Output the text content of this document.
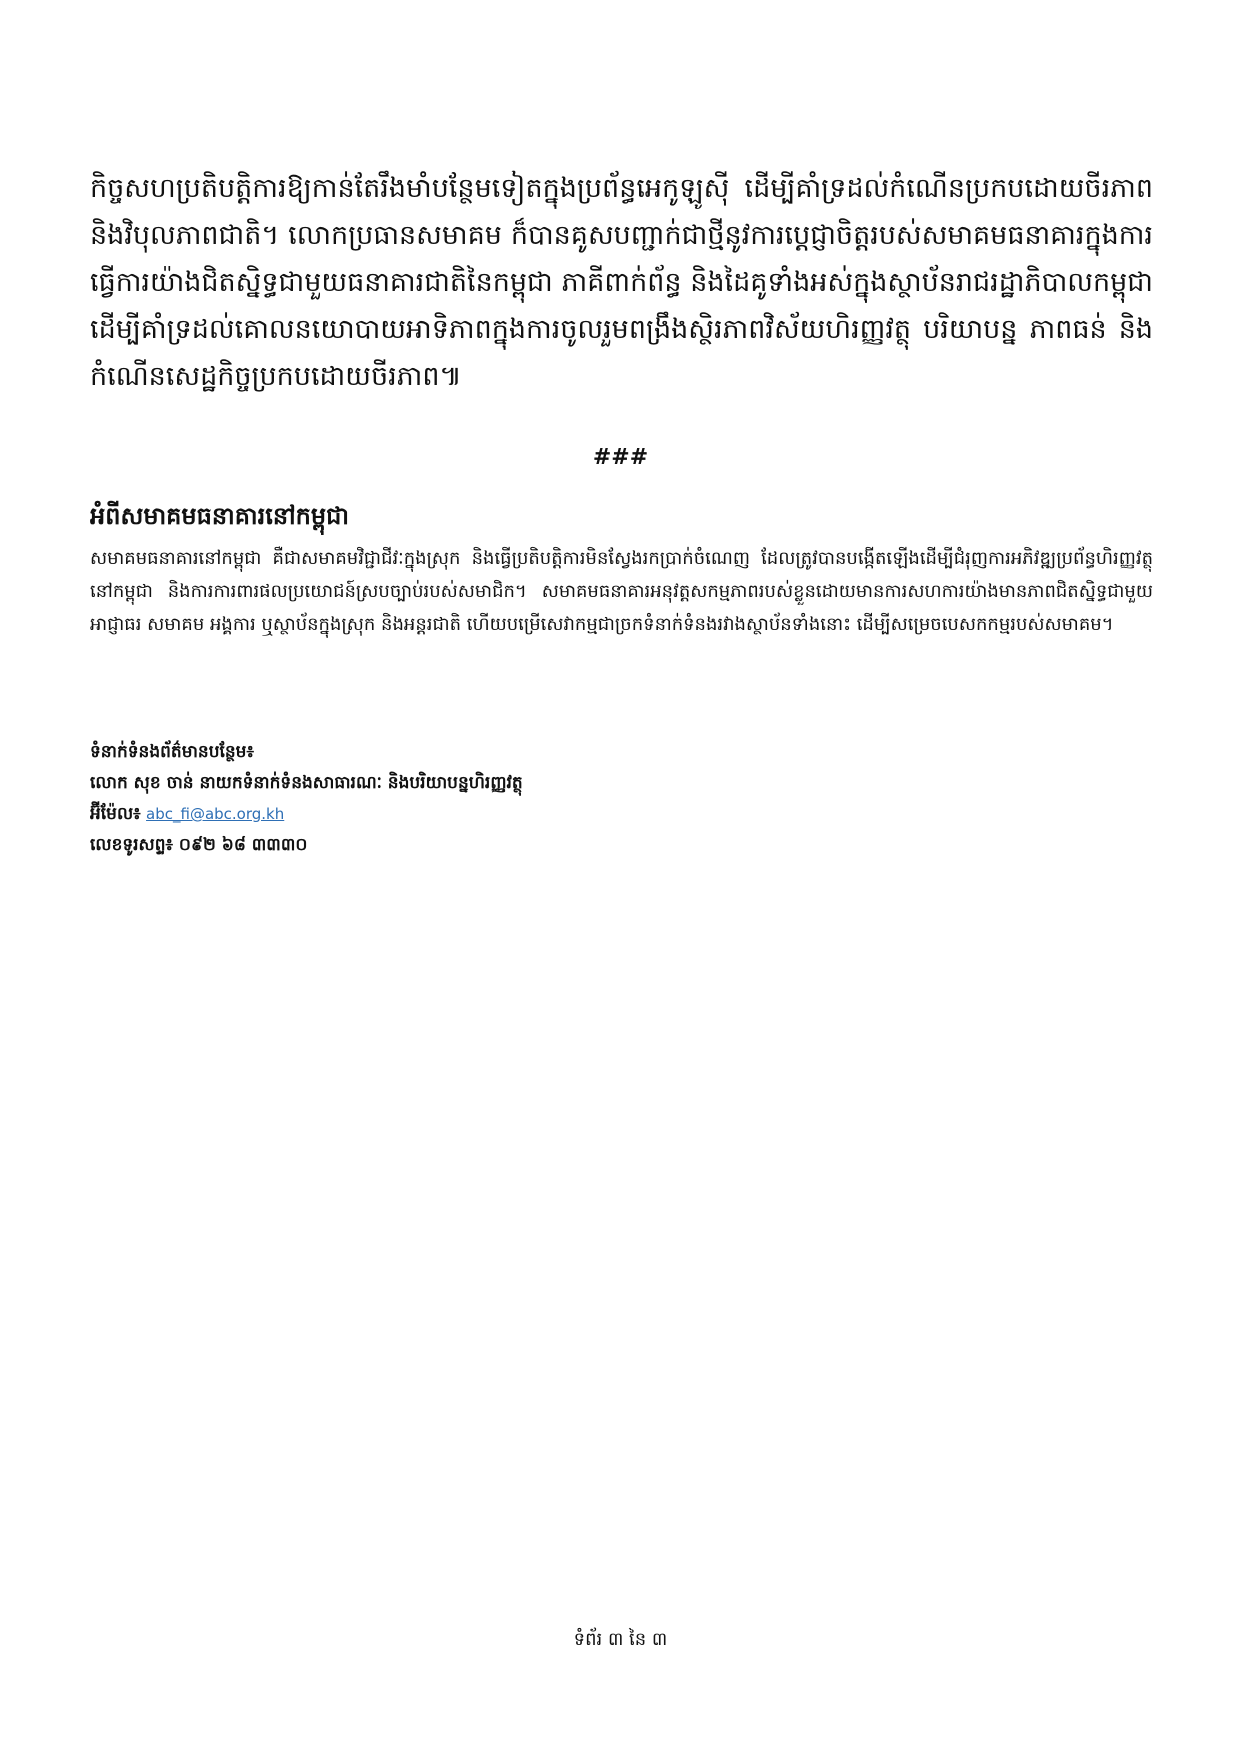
កិច្ចសហប្រតិបត្តិការឱ្យកាន់តែរឹងមាំបន្ថែមទៀតក្នុងប្រព័ន្ធអេកូឡូស៊ី ដើម្បីគាំទ្រដល់កំណើនប្រកបដោយចីរភាពនិងវិបុលភាពជាតិ។ លោកប្រធានសមាគម ក៏បានគូសបញ្ជាក់ជាថ្មីនូវការប្តេជ្ញាចិត្តរបស់សមាគមធនាគារក្នុងការធ្វើការយ៉ាងជិតស្និទ្ធជាមួយធនាគារជាតិនៃកម្ពុជា ភាគីពាក់ព័ន្ធ និងដៃគូទាំងអស់ក្នុងស្ថាប័នរាជរដ្ឋាភិបាលកម្ពុជា ដើម្បីគាំទ្រដល់គោលនយោបាយអាទិភាពក្នុងការចូលរួមពង្រឹងស្ថិរភាពវិស័យហិរញ្ញវត្ថុ បរិយាបន្ន ភាពធន់ និងកំណើនសេដ្ឋកិច្ចប្រកបដោយចីរភាព៕

###

អំពីសមាគមធនាគារនៅកម្ពុជា

សមាគមធនាគារនៅកម្ពុជា គឺជាសមាគមវិជ្ជាជីវៈក្នុងស្រុក និងធ្វើប្រតិបត្តិការមិនស្វែងរកប្រាក់ចំណេញ ដែលត្រូវបានបង្កើតឡើងដើម្បីជំរុញការអភិវឌ្ឍប្រព័ន្ធហិរញ្ញវត្ថុនៅកម្ពុជា និងការការពារផលប្រយោជន៍ស្របច្បាប់របស់សមាជិក។ សមាគមធនាគារអនុវត្តសកម្មភាពរបស់ខ្លួនដោយមានការសហការយ៉ាងមានភាពជិតស្និទ្ធជាមួយអាជ្ញាធរ សមាគម អង្គការ ឬស្ថាប័នក្នុងស្រុក និងអន្តរជាតិ ហើយបម្រើសេវាកម្មជាច្រកទំនាក់ទំនងរវាងស្ថាប័នទាំងនោះ ដើម្បីសម្រេចបេសកកម្មរបស់សមាគម។

ទំនាក់ទំនងព័ត៌មានបន្ថែម៖
លោក សុខ ចាន់ នាយកទំនាក់ទំនងសាធារណៈ និងបរិយាបន្នហិរញ្ញវត្ថុ
អ៊ីម៉ែល៖ abc_fi@abc.org.kh
លេខទូរសព្ទ៖ ០៩២ ៦៨ ៣៣៣០
ទំព័រ ៣ នៃ ៣
